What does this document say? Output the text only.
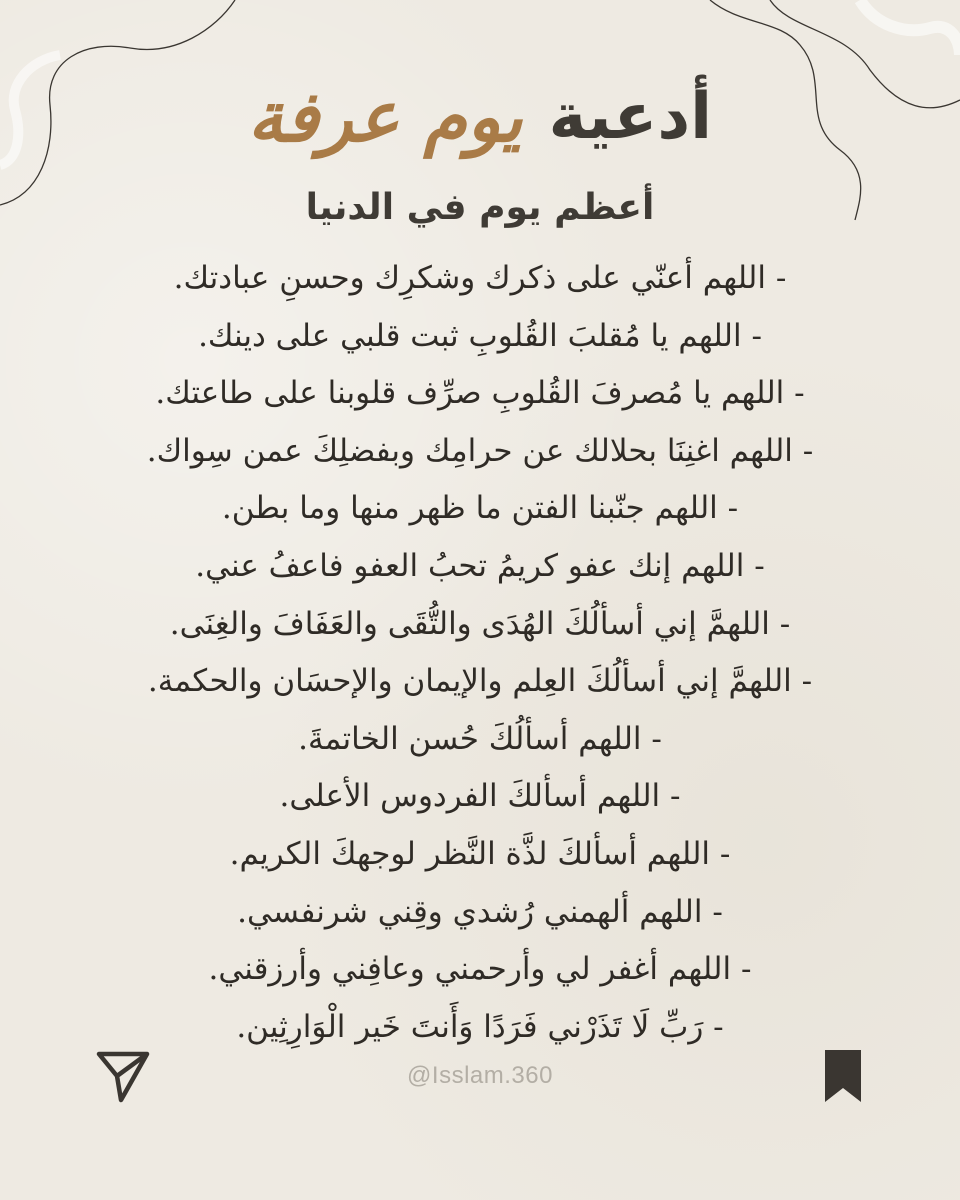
أدعية
يوم عرفة
أعظم يوم في الدنيا
- اللهم أعنّي على ذكرك وشكرِك وحسنِ عبادتك.
- اللهم يا مُقلبَ القُلوبِ ثبت قلبي على دينك.
- اللهم يا مُصرفَ القُلوبِ صرِّف قلوبنا على طاعتك.
- اللهم اغنِنَا بحلالك عن حرامِك وبفضلِكَ عمن سِواك.
- اللهم جنّبنا الفتن ما ظهر منها وما بطن.
- اللهم إنك عفو كريمُ تحبُ العفو فاعفُ عني.
- اللهمَّ إني أسألُكَ الهُدَى والتُّقَى والعَفَافَ والغِنَى.
- اللهمَّ إني أسألُكَ العِلم والإيمان والإحسَان والحكمة.
- اللهم أسألُكَ حُسن الخاتمةَ.
- اللهم أسألكَ الفردوس الأعلى.
- اللهم أسألكَ لذَّة النَّظر لوجهكَ الكريم.
- اللهم ألهمني رُشدي وقِني شرنفسي.
- اللهم أغفر لي وأرحمني وعافِني وأرزقني.
- رَبِّ لَا تَذَرْني فَرَدًا وَأَنتَ خَير الْوَارِثِين.
@Isslam.360
